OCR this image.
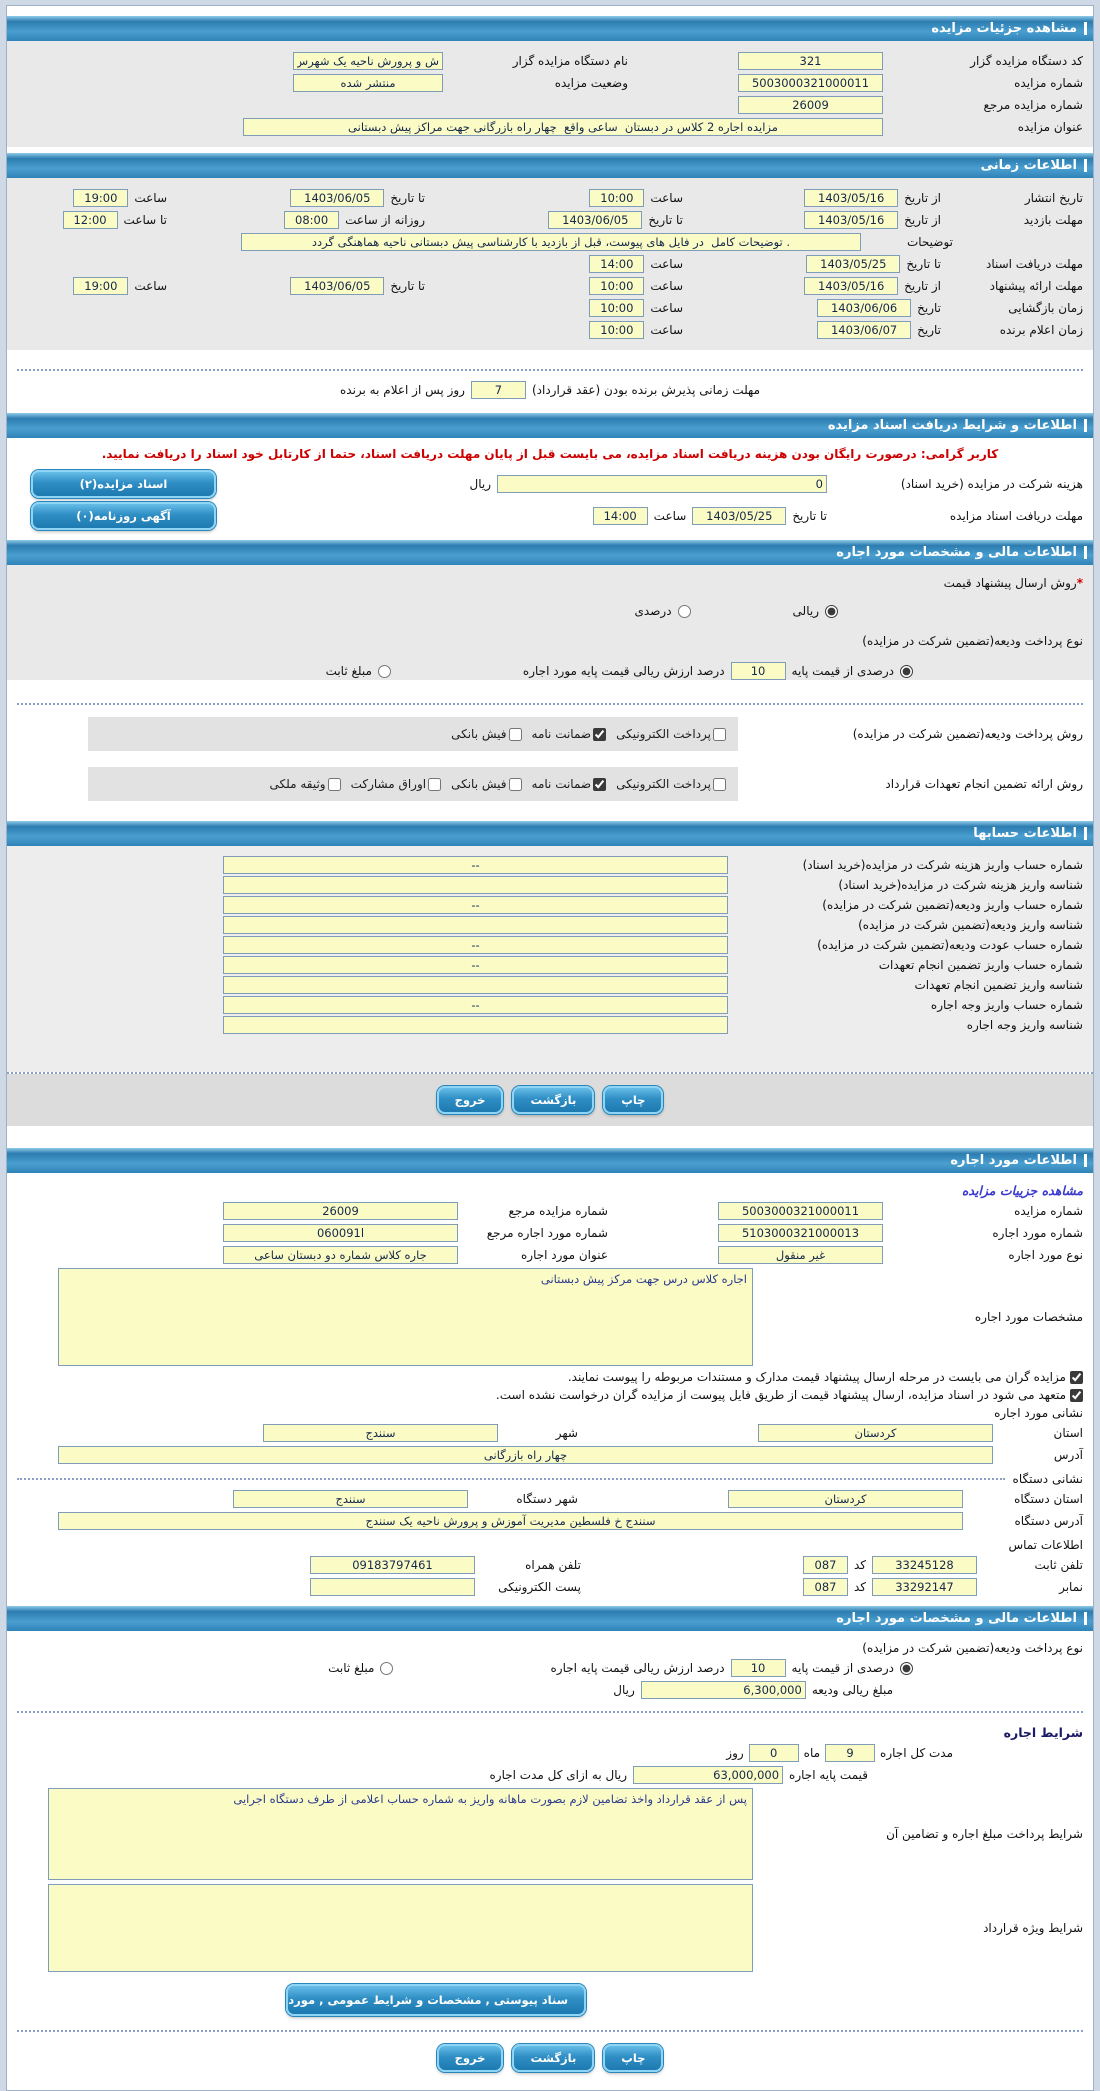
مشاهده جزئیات مزایده
کد دستگاه مزایده گزار
321
نام دستگاه مزایده گزار
ش و پرورش ناحیه یک شهرس
شماره مزایده
5003000321000011
وضعیت مزایده
منتشر شده
شماره مزایده مرجع
26009
عنوان مزایده
مزایده اجاره 2 کلاس در دبستان ساعی واقع چهار راه بازرگانی جهت مراکز پیش دبستانی
اطلاعات زمانی
تاریخ انتشار
از تاریخ
1403/05/16
ساعت
10:00
تا تاریخ
1403/06/05
ساعت
19:00
مهلت بازدید
از تاریخ
1403/05/16
تا تاریخ
1403/06/05
روزانه از ساعت
08:00
تا ساعت
12:00
توضیحات
. توضیحات کامل در فایل های پیوست، قبل از بازدید با کارشناسی پیش دبستانی ناحیه هماهنگی گردد
مهلت دریافت اسناد
تا تاریخ
1403/05/25
ساعت
14:00
مهلت ارائه پیشنهاد
از تاریخ
1403/05/16
ساعت
10:00
تا تاریخ
1403/06/05
ساعت
19:00
زمان بازگشایی
تاریخ
1403/06/06
ساعت
10:00
زمان اعلام برنده
تاریخ
1403/06/07
ساعت
10:00
مهلت زمانی پذیرش برنده بودن (عقد قرارداد)
7
روز پس از اعلام به برنده
اطلاعات و شرایط دریافت اسناد مزایده
کاربر گرامی: درصورت رایگان بودن هزینه دریافت اسناد مزایده، می بایست قبل از پایان مهلت دریافت اسناد، حتما از کارتابل خود اسناد را دریافت نمایید.
هزینه شرکت در مزایده (خرید اسناد)
0
ریال
اسناد مزایده(۲)
مهلت دریافت اسناد مزایده
تا تاریخ
1403/05/25
ساعت
14:00
آگهی روزنامه(۰)
اطلاعات مالی و مشخصات مورد اجاره
*
روش ارسال پیشنهاد قیمت
ریالی
درصدی
نوع پرداخت ودیعه(تضمین شرکت در مزایده)
درصدی از قیمت پایه
10
درصد ارزش ریالی قیمت پایه مورد اجاره
مبلغ ثابت
روش پرداخت ودیعه(تضمین شرکت در مزایده)
پرداخت الکترونیکی
ضمانت نامه
فیش بانکی
روش ارائه تضمین انجام تعهدات قرارداد
پرداخت الکترونیکی
ضمانت نامه
فیش بانکی
اوراق مشارکت
وثیقه ملکی
اطلاعات حسابها
شماره حساب واریز هزینه شرکت در مزایده(خرید اسناد)
--
شناسه واریز هزینه شرکت در مزایده(خرید اسناد)
شماره حساب واریز ودیعه(تضمین شرکت در مزایده)
--
شناسه واریز ودیعه(تضمین شرکت در مزایده)
شماره حساب عودت ودیعه(تضمین شرکت در مزایده)
--
شماره حساب واریز تضمین انجام تعهدات
--
شناسه واریز تضمین انجام تعهدات
شماره حساب واریز وجه اجاره
--
شناسه واریز وجه اجاره
چاپ
بازگشت
خروج
اطلاعات مورد اجاره
مشاهده جزییات مزایده
شماره مزایده
5003000321000011
شماره مزایده مرجع
26009
شماره مورد اجاره
5103000321000013
شماره مورد اجاره مرجع
060091l
نوع مورد اجاره
غیر منقول
عنوان مورد اجاره
جاره کلاس شماره دو دبستان ساعی
مشخصات مورد اجاره
اجاره کلاس درس جهت مرکز پیش دبستانی
مزایده گران می بایست در مرحله ارسال پیشنهاد قیمت مدارک و مستندات مربوطه را پیوست نمایند.
متعهد می شود در اسناد مزایده، ارسال پیشنهاد قیمت از طریق فایل پیوست از مزایده گران درخواست نشده است.
نشانی مورد اجاره
استان
کردستان
شهر
سنندج
آدرس
چهار راه بازرگانی
نشانی دستگاه
استان دستگاه
کردستان
شهر دستگاه
سنندج
آدرس دستگاه
سنندج خ فلسطین مدیریت آموزش و پرورش ناحیه یک سنندج
اطلاعات تماس
تلفن ثابت
33245128
کد
087
تلفن همراه
09183797461
نمابر
33292147
کد
087
پست الکترونیکی
اطلاعات مالی و مشخصات مورد اجاره
نوع پرداخت ودیعه(تضمین شرکت در مزایده)
درصدی از قیمت پایه
10
درصد ارزش ریالی قیمت پایه اجاره
مبلغ ثابت
مبلغ ریالی ودیعه
6,300,000
ریال
شرایط اجاره
مدت کل اجاره
9
ماه
0
روز
قیمت پایه اجاره
63,000,000
ریال به ازای کل مدت اجاره
شرایط پرداخت مبلغ اجاره و تضامین آن
پس از عقد قرارداد واخذ تضامین لازم بصورت ماهانه واریز به شماره حساب اعلامی از طرف دستگاه اجرایی
شرایط ویژه قرارداد
سناد پیوستی , مشخصات و شرایط عمومی , مورد اجاره(۲
چاپ
بازگشت
خروج
